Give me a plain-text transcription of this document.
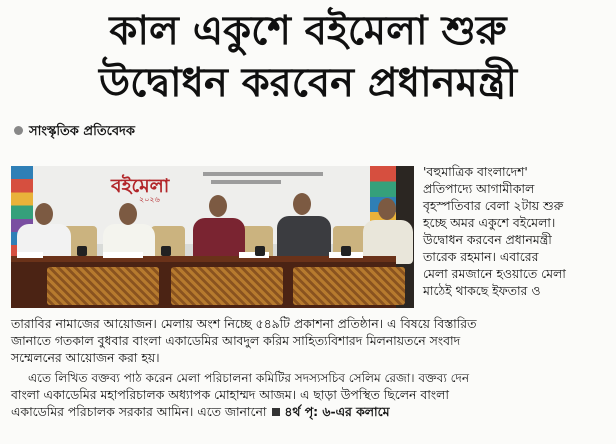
কাল একুশে বইমেলা শুরু
উদ্বোধন করবেন প্রধানমন্ত্রী
সাংস্কৃতিক প্রতিবেদক
বইমেলা
২০২৬
'বহুমাত্রিক বাংলাদেশ'
প্রতিপাদ্যে আগামীকাল
বৃহস্পতিবার বেলা ২টায় শুরু
হচ্ছে অমর একুশে বইমেলা।
উদ্বোধন করবেন প্রধানমন্ত্রী
তারেক রহমান। এবারের
মেলা রমজানে হওয়াতে মেলা
মাঠেই থাকছে ইফতার ও
তারাবির নামাজের আয়োজন। মেলায় অংশ নিচ্ছে ৫৪৯টি প্রকাশনা প্রতিষ্ঠান। এ বিষয়ে বিস্তারিত
জানাতে গতকাল বুধবার বাংলা একাডেমির আবদুল করিম সাহিত্যবিশারদ মিলনায়তনে সংবাদ
সম্মেলনের আয়োজন করা হয়।
এতে লিখিত বক্তব্য পাঠ করেন মেলা পরিচালনা কমিটির সদস্যসচিব সেলিম রেজা। বক্তব্য দেন
বাংলা একাডেমির মহাপরিচালক অধ্যাপক মোহাম্মদ আজম। এ ছাড়া উপস্থিত ছিলেন বাংলা
একাডেমির পরিচালক সরকার আমিন। এতে জানানো ৪র্থ পৃ: ৬-এর কলামে
